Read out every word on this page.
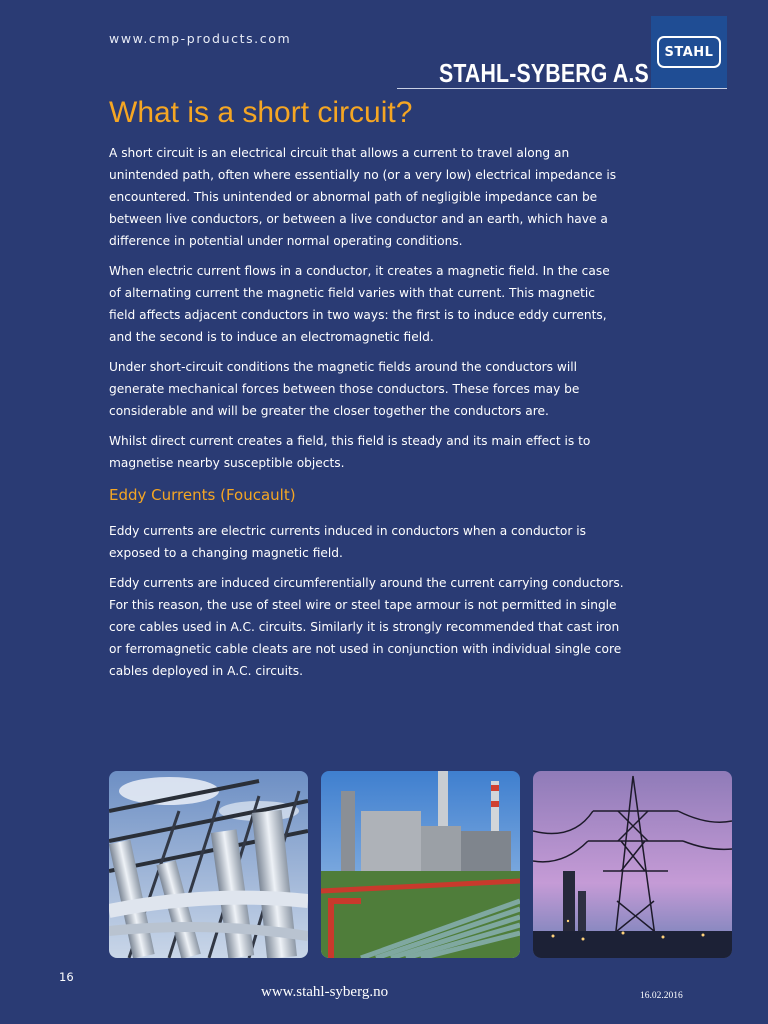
www.cmp-products.com
STAHL
STAHL-SYBERG A.S
What is a short circuit?

A short circuit is an electrical circuit that allows a current to travel along an unintended path, often where essentially no (or a very low) electrical impedance is encountered. This unintended or abnormal path of negligible impedance can be between live conductors, or between a live conductor and an earth, which have a difference in potential under normal operating conditions.

When electric current flows in a conductor, it creates a magnetic field. In the case of alternating current the magnetic field varies with that current. This magnetic field affects adjacent conductors in two ways: the first is to induce eddy currents, and the second is to induce an electromagnetic field.

Under short-circuit conditions the magnetic fields around the conductors will generate mechanical forces between those conductors. These forces may be considerable and will be greater the closer together the conductors are.

Whilst direct current creates a field, this field is steady and its main effect is to magnetise nearby susceptible objects.

Eddy Currents (Foucault)

Eddy currents are electric currents induced in conductors when a conductor is exposed to a changing magnetic field.

Eddy currents are induced circumferentially around the current carrying conductors. For this reason, the use of steel wire or steel tape armour is not permitted in single core cables used in A.C. circuits. Similarly it is strongly recommended that cast iron or ferromagnetic cable cleats are not used in conjunction with individual single core cables deployed in A.C. circuits.

16
www.stahl-syberg.no	16.02.2016
